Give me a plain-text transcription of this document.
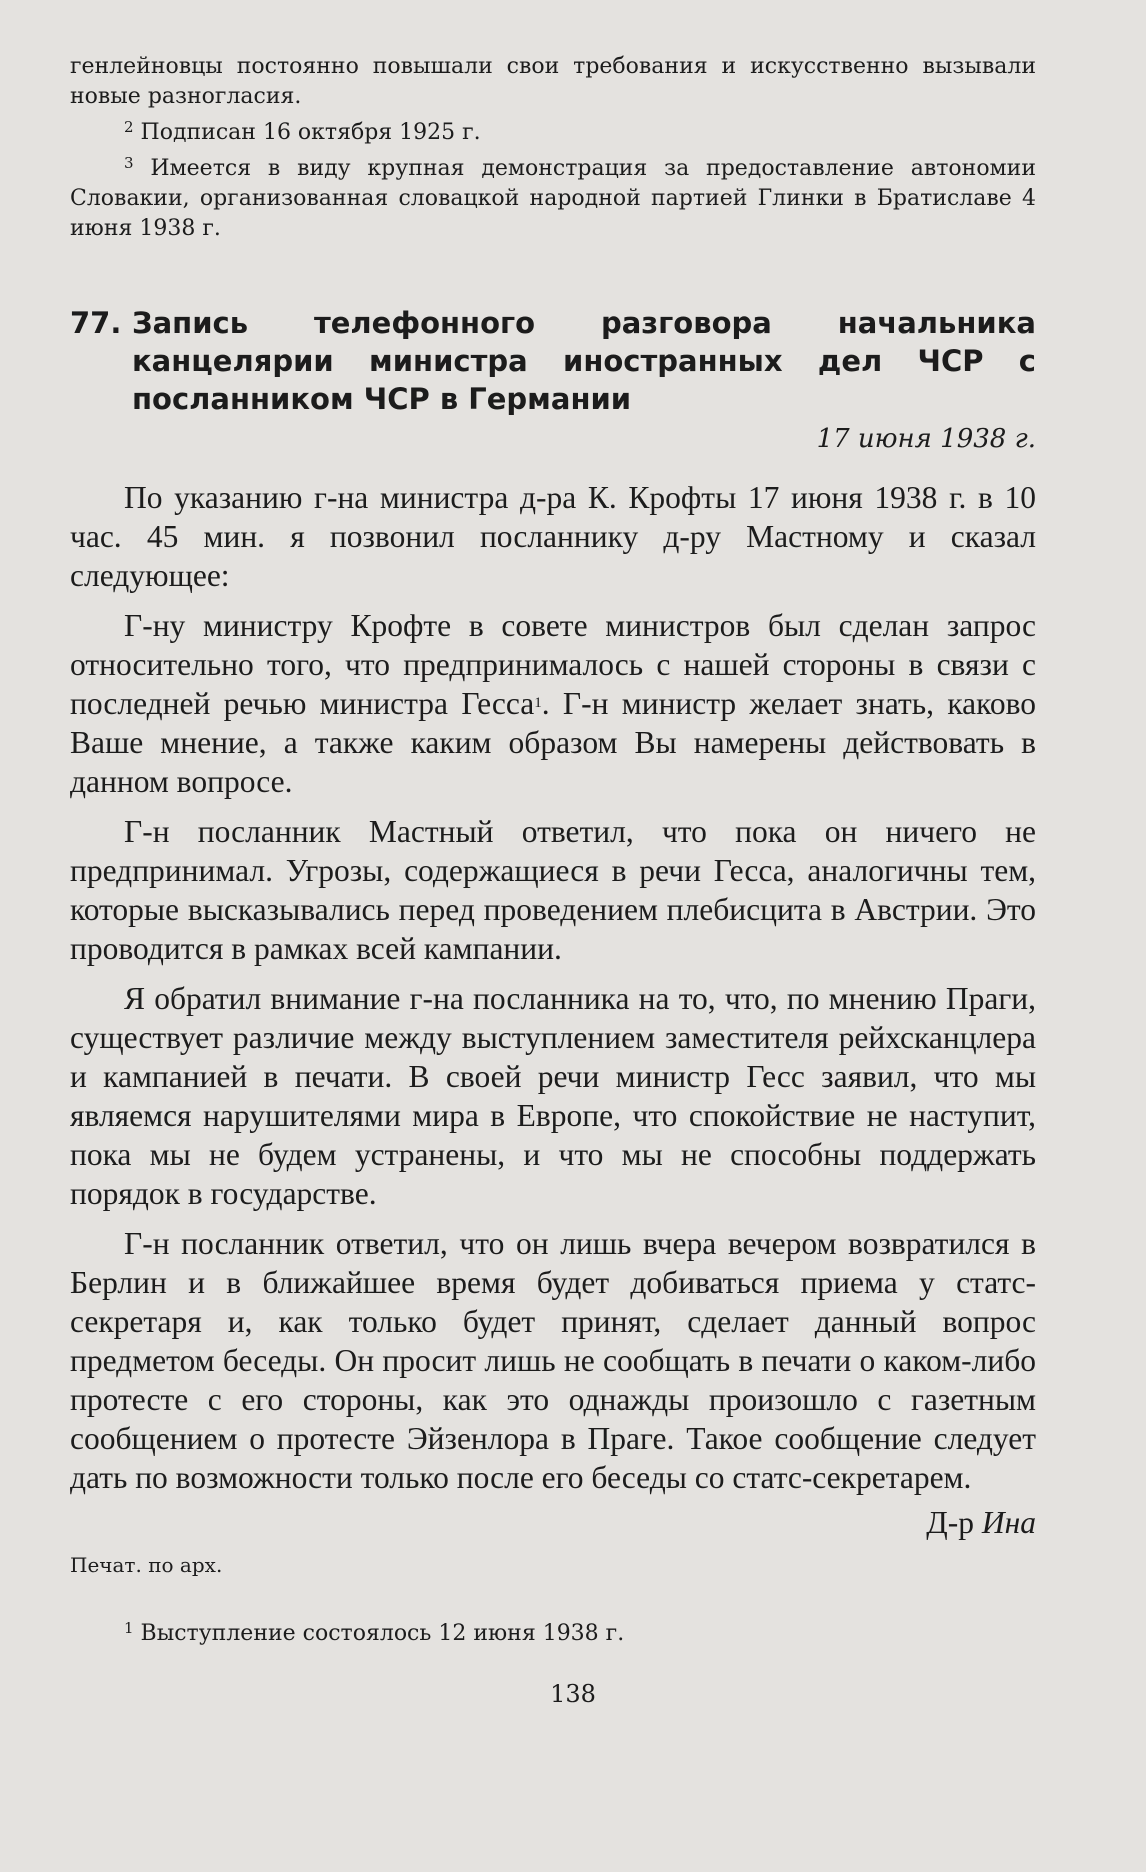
генлейновцы постоянно повышали свои требования и искусственно вызывали новые разногласия.

$^2$ Подписан 16 октября 1925 г.

$^3$ Имеется в виду крупная демонстрация за предоставление автономии Словакии, организованная словацкой народной партией Глинки в Братиславе 4 июня 1938 г.

77. Запись телефонного разговора начальника канцелярии министра иностранных дел ЧСР с посланником ЧСР в Германии
17 июня 1938 г.

По указанию г-на министра д-ра К. Крофты 17 июня 1938 г. в 10 час. 45 мин. я позвонил посланнику д-ру Мастному и сказал следующее:

Г-ну министру Крофте в совете министров был сделан запрос относительно того, что предпринималось с нашей стороны в связи с последней речью министра Гесса$^1$. Г-н министр желает знать, каково Ваше мнение, а также каким образом Вы намерены действовать в данном вопросе.

Г-н посланник Мастный ответил, что пока он ничего не предпринимал. Угрозы, содержащиеся в речи Гесса, аналогичны тем, которые высказывались перед проведением плебисцита в Австрии. Это проводится в рамках всей кампании.

Я обратил внимание г-на посланника на то, что, по мнению Праги, существует различие между выступлением заместителя рейхсканцлера и кампанией в печати. В своей речи министр Гесс заявил, что мы являемся нарушителями мира в Европе, что спокойствие не наступит, пока мы не будем устранены, и что мы не способны поддержать порядок в государстве.

Г-н посланник ответил, что он лишь вчера вечером возвратился в Берлин и в ближайшее время будет добиваться приема у статс-секретаря и, как только будет принят, сделает данный вопрос предметом беседы. Он просит лишь не сообщать в печати о каком-либо протесте с его стороны, как это однажды произошло с газетным сообщением о протесте Эйзенлора в Праге. Такое сообщение следует дать по возможности только после его беседы со статс-секретарем.

Д-р Ина
Печат. по арх.
$^1$ Выступление состоялось 12 июня 1938 г.
138
